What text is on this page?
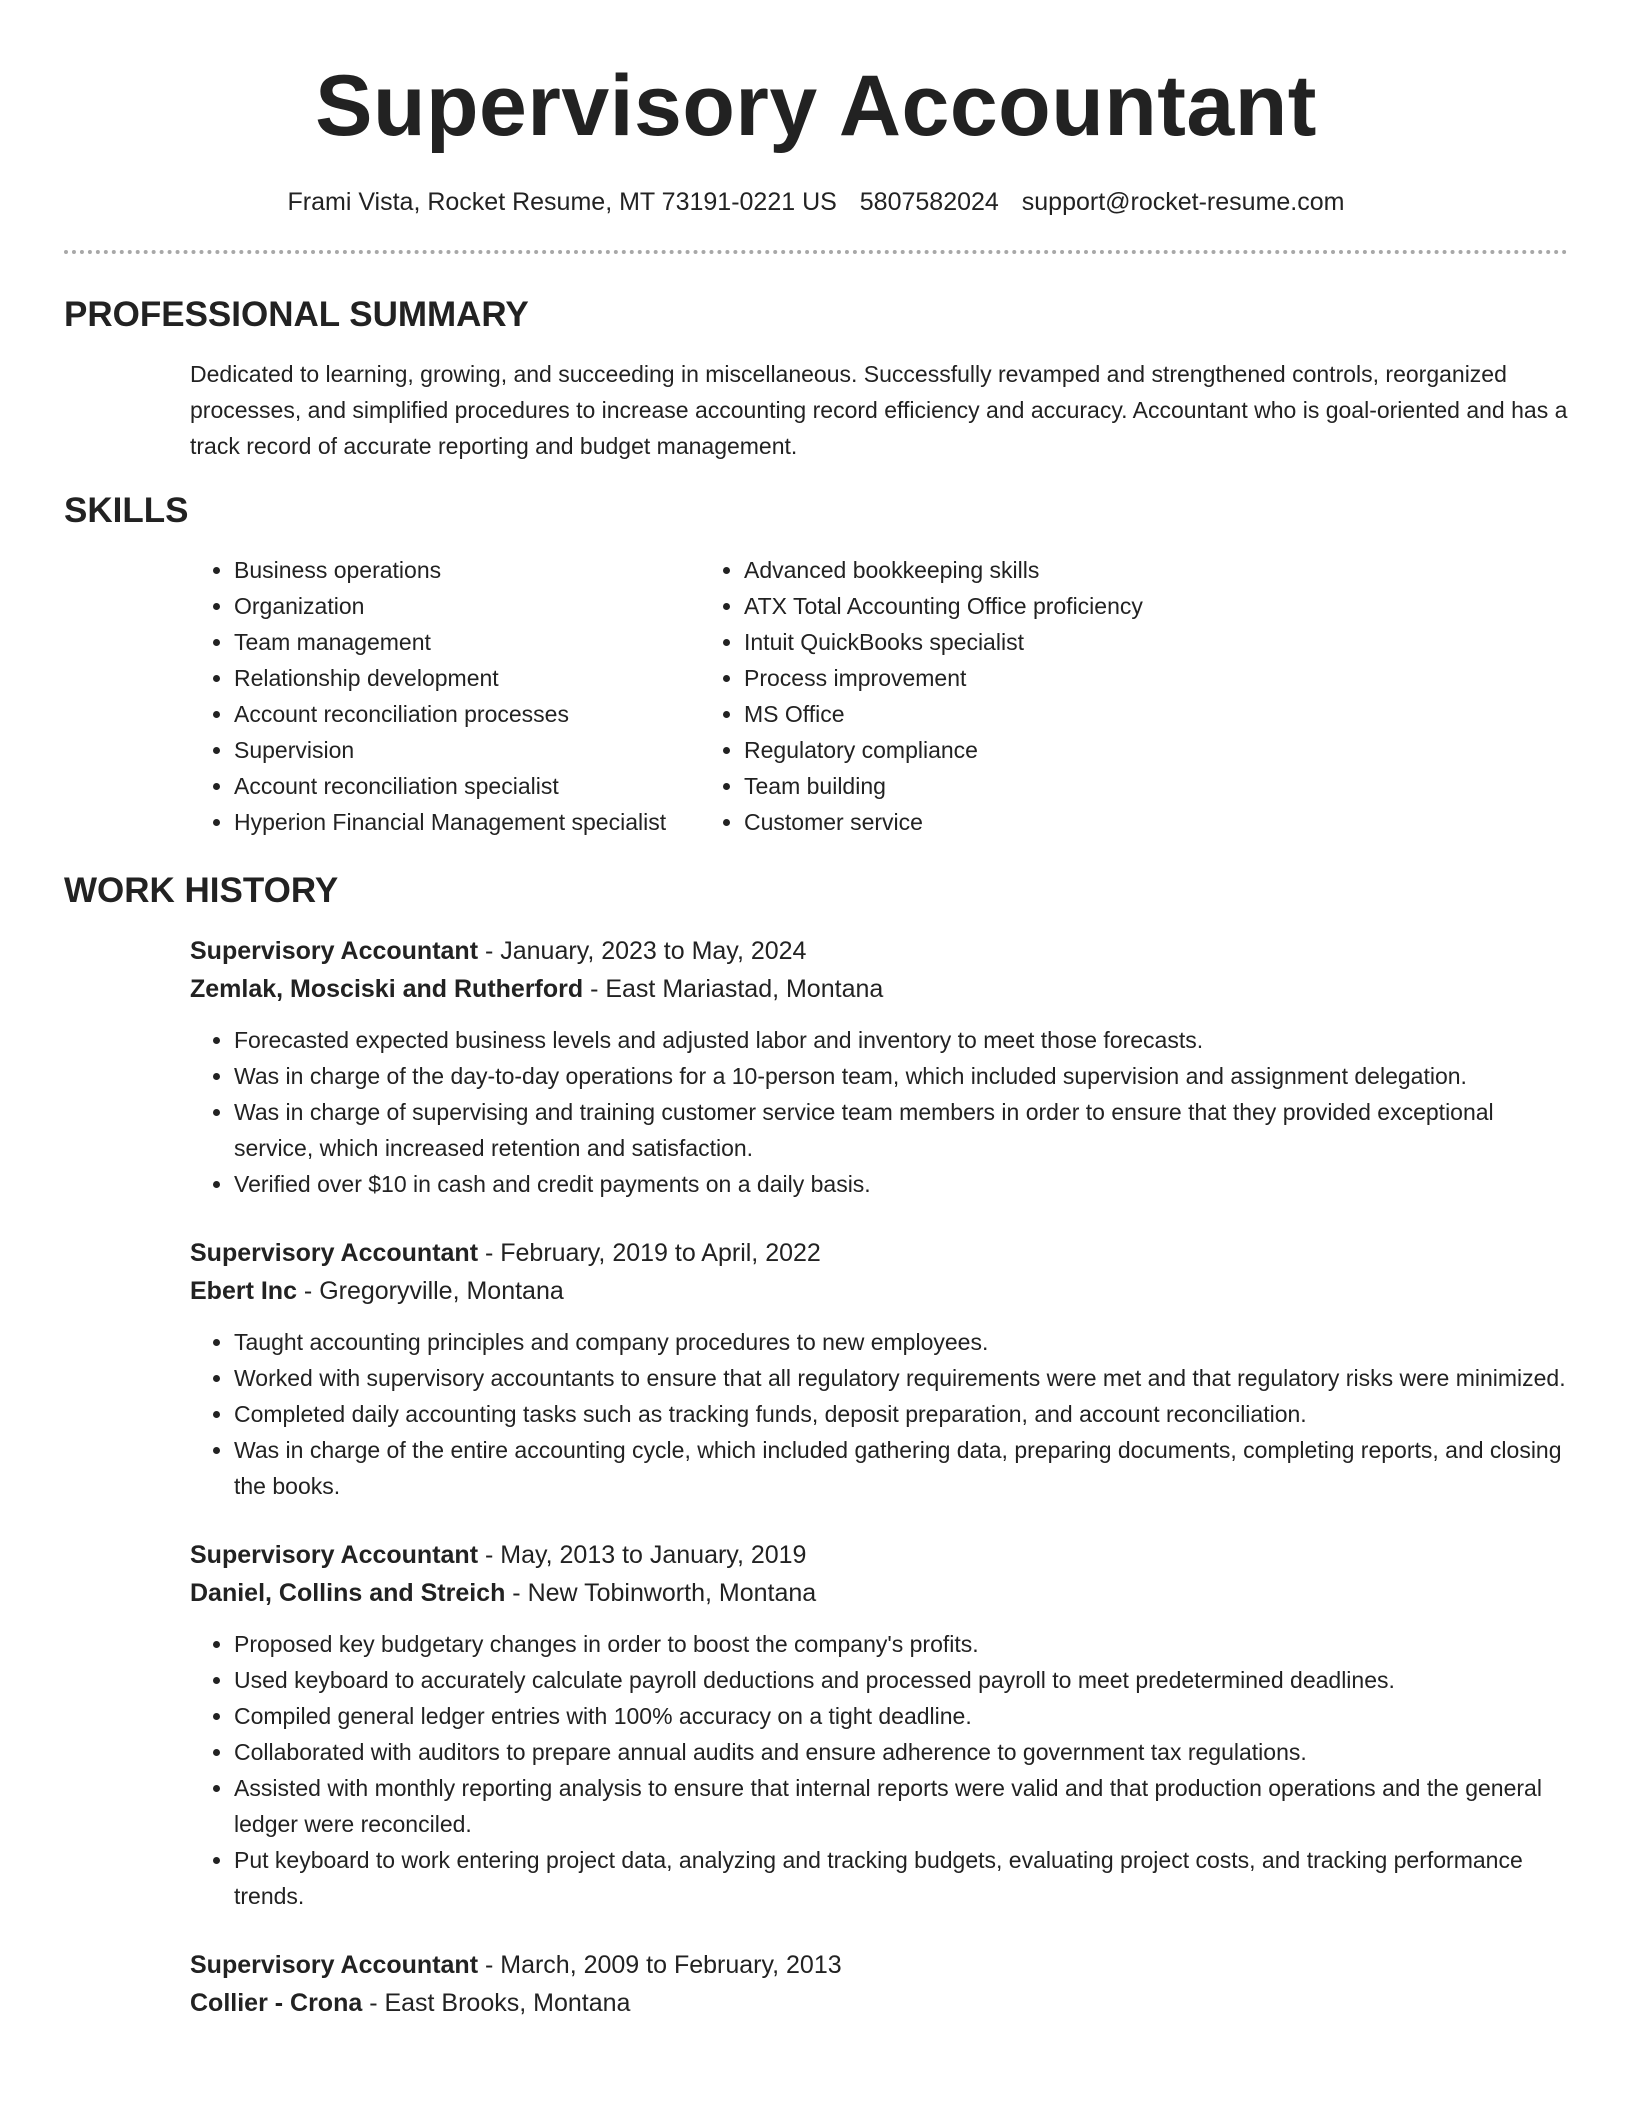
Supervisory Accountant
Frami Vista, Rocket Resume, MT 73191-0221 US 5807582024 support@rocket-resume.com
PROFESSIONAL SUMMARY

Dedicated to learning, growing, and succeeding in miscellaneous. Successfully revamped and strengthened controls, reorganized processes, and simplified procedures to increase accounting record efficiency and accuracy. Accountant who is goal-oriented and has a track record of accurate reporting and budget management.

SKILLS
• Business operations
• Organization
• Team management
• Relationship development
• Account reconciliation processes
• Supervision
• Account reconciliation specialist
• Hyperion Financial Management specialist
• Advanced bookkeeping skills
• ATX Total Accounting Office proficiency
• Intuit QuickBooks specialist
• Process improvement
• MS Office
• Regulatory compliance
• Team building
• Customer service
WORK HISTORY

Supervisory Accountant - January, 2023 to May, 2024

Zemlak, Mosciski and Rutherford - East Mariastad, Montana

• Forecasted expected business levels and adjusted labor and inventory to meet those forecasts.
• Was in charge of the day-to-day operations for a 10-person team, which included supervision and assignment delegation.
• Was in charge of supervising and training customer service team members in order to ensure that they provided exceptional service, which increased retention and satisfaction.
• Verified over $10 in cash and credit payments on a daily basis.

Supervisory Accountant - February, 2019 to April, 2022

Ebert Inc - Gregoryville, Montana

• Taught accounting principles and company procedures to new employees.
• Worked with supervisory accountants to ensure that all regulatory requirements were met and that regulatory risks were minimized.
• Completed daily accounting tasks such as tracking funds, deposit preparation, and account reconciliation.
• Was in charge of the entire accounting cycle, which included gathering data, preparing documents, completing reports, and closing the books.

Supervisory Accountant - May, 2013 to January, 2019

Daniel, Collins and Streich - New Tobinworth, Montana

• Proposed key budgetary changes in order to boost the company's profits.
• Used keyboard to accurately calculate payroll deductions and processed payroll to meet predetermined deadlines.
• Compiled general ledger entries with 100% accuracy on a tight deadline.
• Collaborated with auditors to prepare annual audits and ensure adherence to government tax regulations.
• Assisted with monthly reporting analysis to ensure that internal reports were valid and that production operations and the general ledger were reconciled.
• Put keyboard to work entering project data, analyzing and tracking budgets, evaluating project costs, and tracking performance trends.

Supervisory Accountant - March, 2009 to February, 2013

Collier - Crona - East Brooks, Montana
